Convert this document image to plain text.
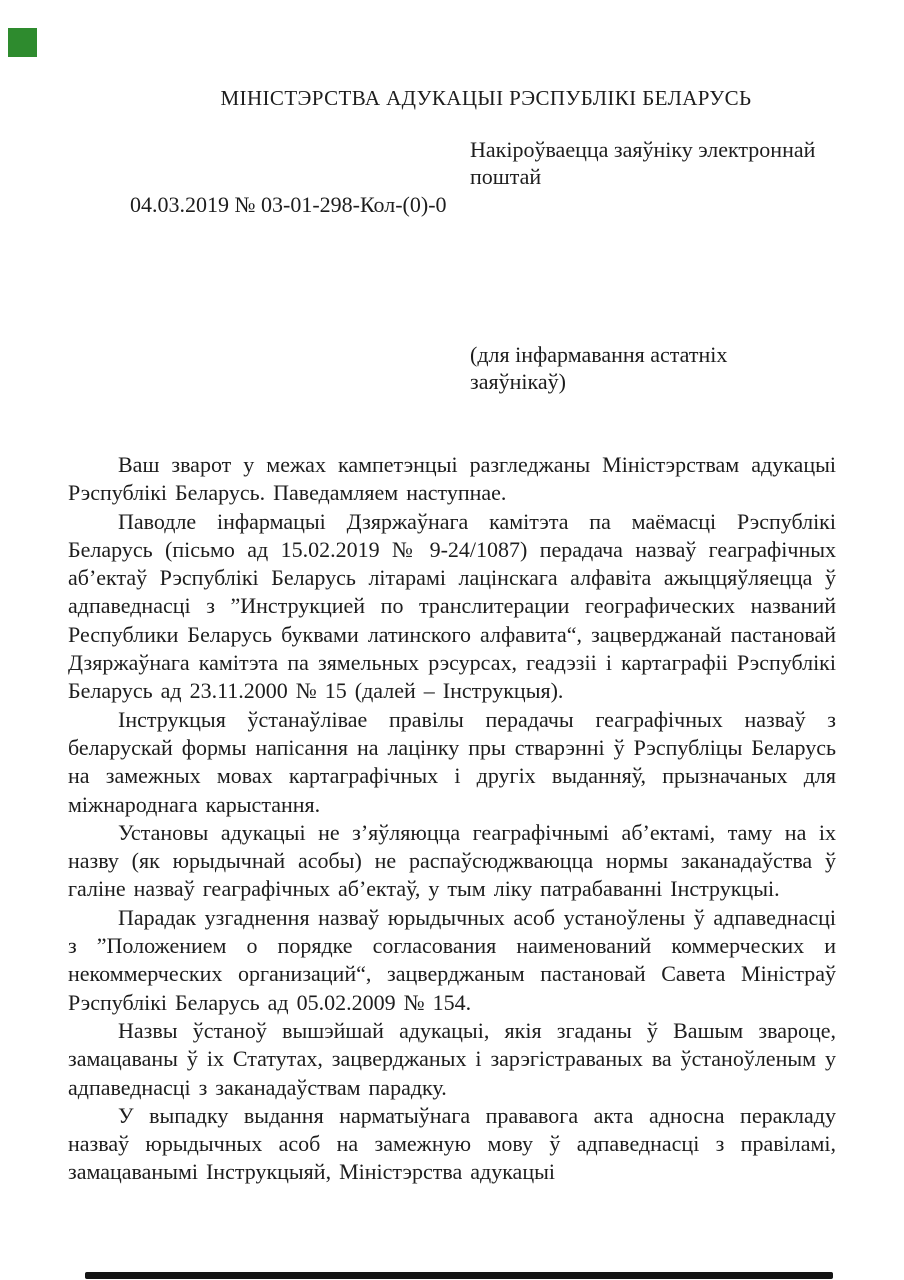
МІНІСТЭРСТВА АДУКАЦЫІ РЭСПУБЛІКІ БЕЛАРУСЬ
Накіроўваецца заяўніку электроннай
поштай
04.03.2019 № 03-01-298-Кол-(0)-0
(для інфармавання астатніх
заяўнікаў)

Ваш зварот у межах кампетэнцыі разгледжаны Міністэрствам адукацыі Рэспублікі Беларусь. Паведамляем наступнае.

Паводле інфармацыі Дзяржаўнага камітэта па маёмасці Рэспублікі Беларусь (пісьмо ад 15.02.2019 № 9-24/1087) перадача назваў геаграфічных аб’ектаў Рэспублікі Беларусь літарамі лацінскага алфавіта ажыццяўляецца ў адпаведнасці з ”Инструкцией по транслитерации географических названий Республики Беларусь буквами латинского алфавита“, зацверджанай пастановай Дзяржаўнага камітэта па зямельных рэсурсах, геадэзіі і картаграфіі Рэспублікі Беларусь ад 23.11.2000 № 15 (далей – Інструкцыя).

Інструкцыя ўстанаўлівае правілы перадачы геаграфічных назваў з беларускай формы напісання на лацінку пры стварэнні ў Рэспубліцы Беларусь на замежных мовах картаграфічных і другіх выданняў, прызначаных для міжнароднага карыстання.

Установы адукацыі не з’яўляюцца геаграфічнымі аб’ектамі, таму на іх назву (як юрыдычнай асобы) не распаўсюджваюцца нормы заканадаўства ў галіне назваў геаграфічных аб’ектаў, у тым ліку патрабаванні Інструкцыі.

Парадак узгаднення назваў юрыдычных асоб устаноўлены ў адпаведнасці з ”Положением о порядке согласования наименований коммерческих и некоммерческих организаций“, зацверджаным пастановай Савета Міністраў Рэспублікі Беларусь ад 05.02.2009 № 154.

Назвы ўстаноў вышэйшай адукацыі, якія згаданы ў Вашым звароце, замацаваны ў іх Статутах, зацверджаных і зарэгістраваных ва ўстаноўленым у адпаведнасці з заканадаўствам парадку.

У выпадку выдання нарматыўнага прававога акта адносна перакладу назваў юрыдычных асоб на замежную мову ў адпаведнасці з правіламі, замацаванымі Інструкцыяй, Міністэрства адукацыі
